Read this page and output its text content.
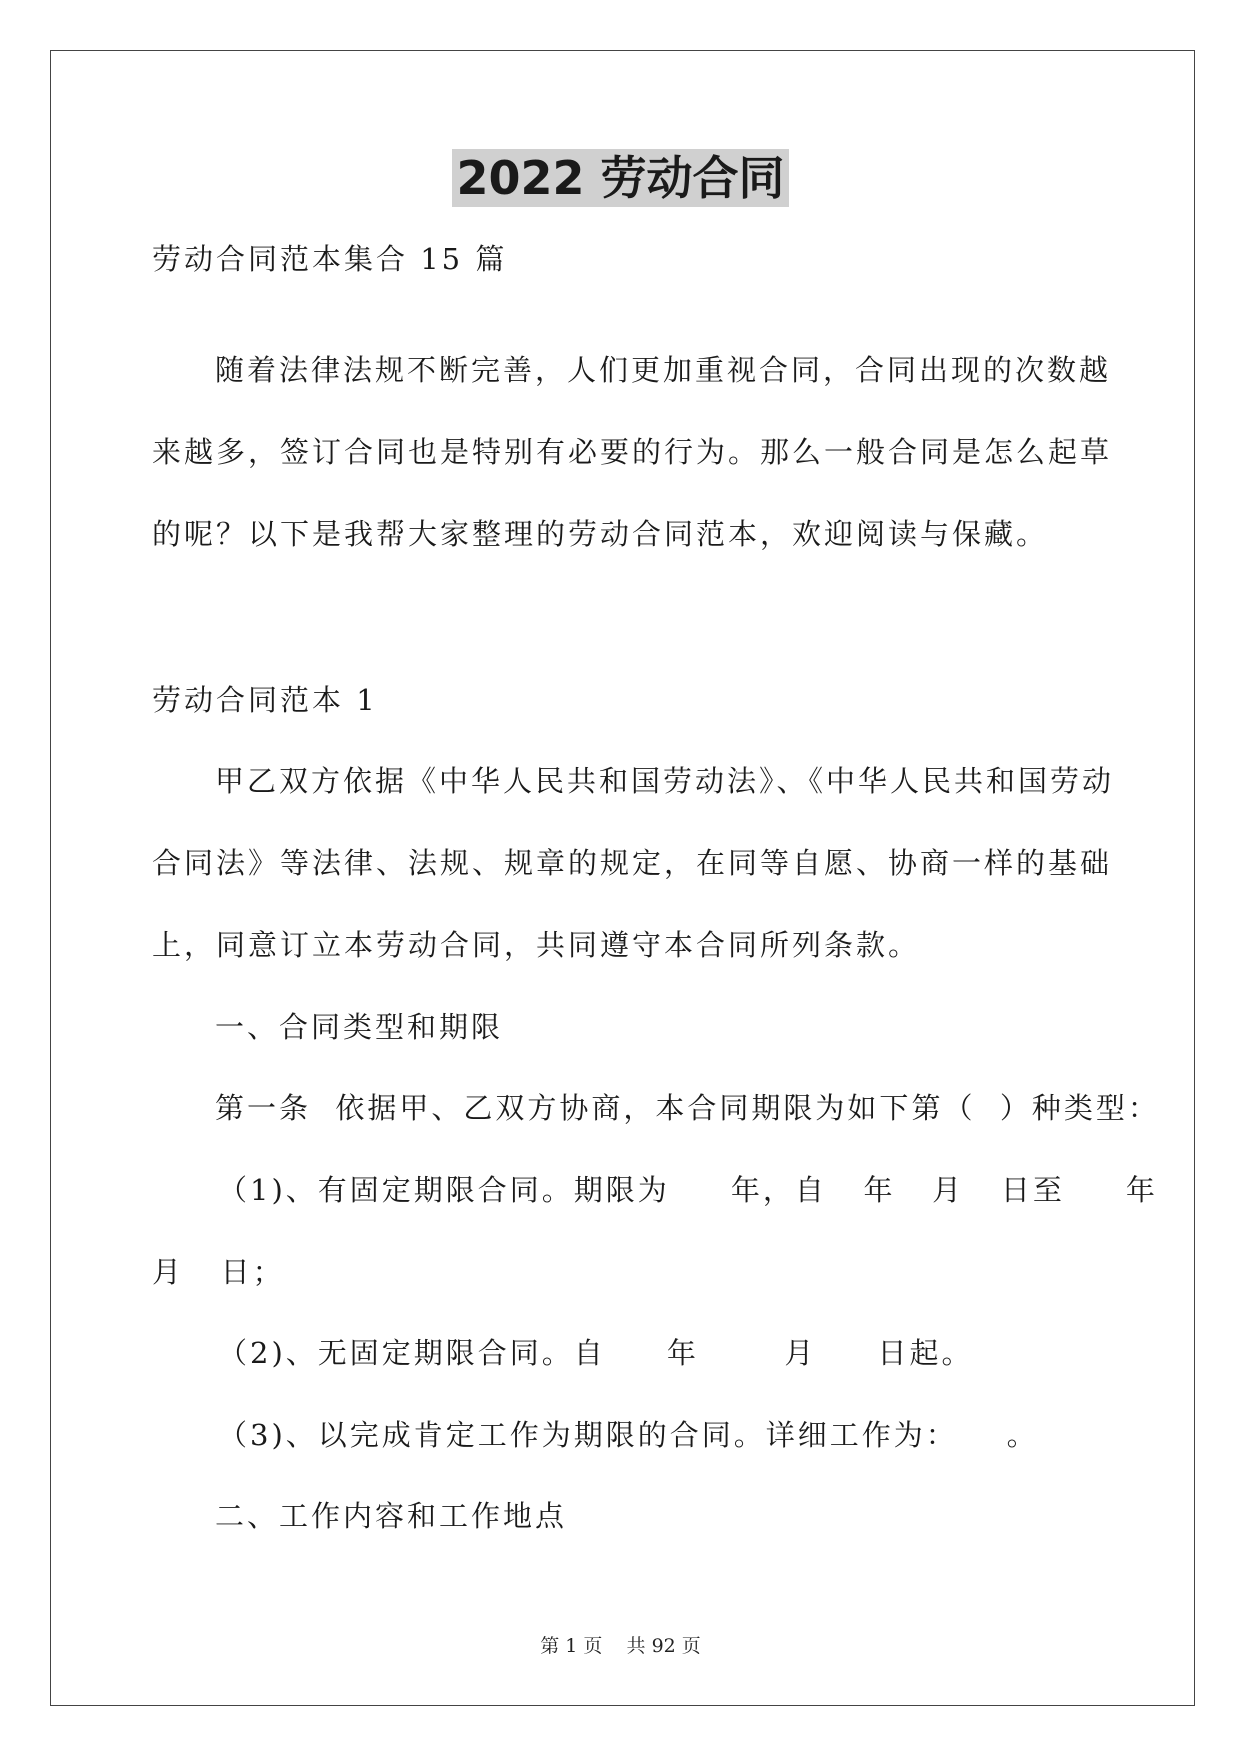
2022 劳动合同
劳动合同范本集合 15 篇
随着法律法规不断完善，人们更加重视合同，合同出现的次数越
来越多，签订合同也是特别有必要的行为。那么一般合同是怎么起草
的呢？以下是我帮大家整理的劳动合同范本，欢迎阅读与保藏。
劳动合同范本 1
甲乙双方依据《中华人民共和国劳动法》、《中华人民共和国劳动
合同法》等法律、法规、规章的规定，在同等自愿、协商一样的基础
上，同意订立本劳动合同，共同遵守本合同所列条款。
一、合同类型和期限
第一条  依据甲、乙双方协商，本合同期限为如下第（  ）种类型：
（1)、有固定期限合同。期限为     年，自   年   月   日至     年
月   日；
（2)、无固定期限合同。自     年       月     日起。
（3)、以完成肯定工作为期限的合同。详细工作为：    。
二、工作内容和工作地点
第 1 页    共 92 页
